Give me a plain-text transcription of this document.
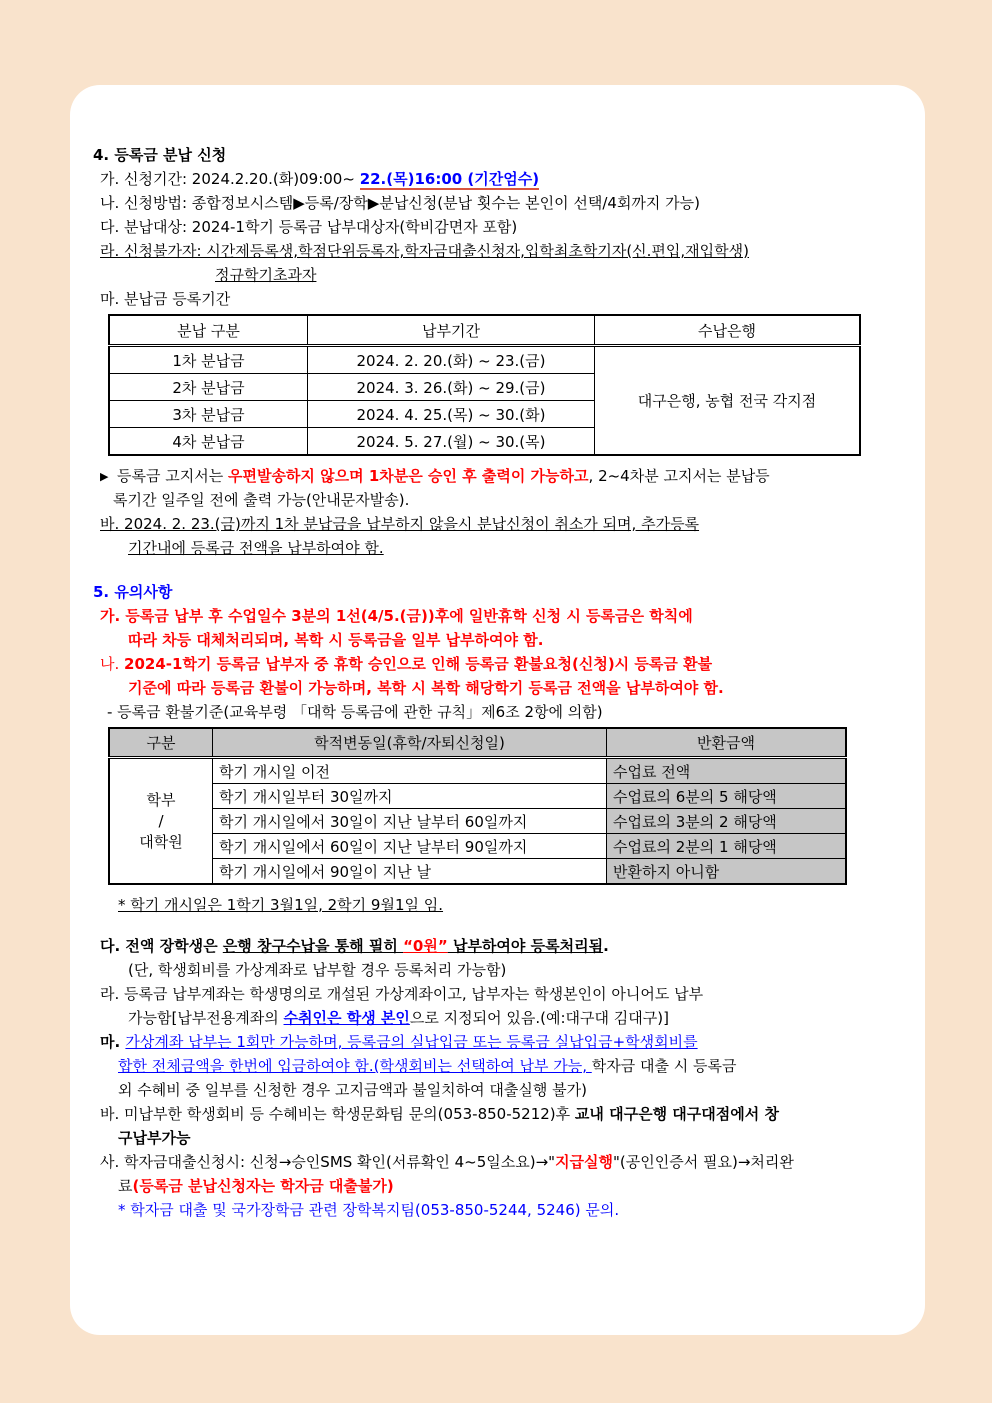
4. 등록금 분납 신청
가. 신청기간: 2024.2.20.(화)09:00~ 22.(목)16:00 (기간엄수)
나. 신청방법: 종합정보시스템▶등록/장학▶분납신청(분납 횟수는 본인이 선택/4회까지 가능)
다. 분납대상: 2024-1학기 등록금 납부대상자(학비감면자 포함)
라. 신청불가자: 시간제등록생,학점단위등록자,학자금대출신청자,입학최초학기자(신.편입,재입학생)
정규학기초과자
마. 분납금 등록기간
분납 구분	납부기간	수납은행
1차 분납금	2024. 2. 20.(화) ~ 23.(금)	대구은행, 농협 전국 각지점
2차 분납금	2024. 3. 26.(화) ~ 29.(금)	
3차 분납금	2024. 4. 25.(목) ~ 30.(화)	
4차 분납금	2024. 5. 27.(월) ~ 30.(목)	
▶ 등록금 고지서는 우편발송하지 않으며 1차분은 승인 후 출력이 가능하고, 2~4차분 고지서는 분납등
록기간 일주일 전에 출력 가능(안내문자발송).
바. 2024. 2. 23.(금)까지 1차 분납금을 납부하지 않을시 분납신청이 취소가 되며, 추가등록
기간내에 등록금 전액을 납부하여야 함.
5. 유의사항
가. 등록금 납부 후 수업일수 3분의 1선(4/5.(금))후에 일반휴학 신청 시 등록금은 학칙에
따라 차등 대체처리되며, 복학 시 등록금을 일부 납부하여야 함.
나. 2024-1학기 등록금 납부자 중 휴학 승인으로 인해 등록금 환불요청(신청)시 등록금 환불
기준에 따라 등록금 환불이 가능하며, 복학 시 복학 해당학기 등록금 전액을 납부하여야 함.
- 등록금 환불기준(교육부령 「대학 등록금에 관한 규칙」제6조 2항에 의함)
구분	학적변동일(휴학/자퇴신청일)	반환금액

학부
/
대학원	학기 개시일 이전	수업료 전액
	학기 개시일부터 30일까지	수업료의 6분의 5 해당액
	학기 개시일에서 30일이 지난 날부터 60일까지	수업료의 3분의 2 해당액
	학기 개시일에서 60일이 지난 날부터 90일까지	수업료의 2분의 1 해당액
	학기 개시일에서 90일이 지난 날	반환하지 아니함
* 학기 개시일은 1학기 3월1일, 2학기 9월1일 임.
다. 전액 장학생은 은행 창구수납을 통해 필히 “0원” 납부하여야 등록처리됨.
(단, 학생회비를 가상계좌로 납부할 경우 등록처리 가능함)
라. 등록금 납부계좌는 학생명의로 개설된 가상계좌이고, 납부자는 학생본인이 아니어도 납부
가능함[납부전용계좌의 수취인은 학생 본인으로 지정되어 있음.(예:대구대 김대구)]
마. 가상계좌 납부는 1회만 가능하며, 등록금의 실납입금 또는 등록금 실납입금+학생회비를
합한 전체금액을 한번에 입금하여야 함.(학생회비는 선택하여 납부 가능, 학자금 대출 시 등록금
외 수혜비 중 일부를 신청한 경우 고지금액과 불일치하여 대출실행 불가)
바. 미납부한 학생회비 등 수혜비는 학생문화팀 문의(053-850-5212)후 교내 대구은행 대구대점에서 창
구납부가능
사. 학자금대출신청시: 신청→승인SMS 확인(서류확인 4~5일소요)→"지급실행"(공인인증서 필요)→처리완
료(등록금 분납신청자는 학자금 대출불가)
* 학자금 대출 및 국가장학금 관련 장학복지팀(053-850-5244, 5246) 문의.
